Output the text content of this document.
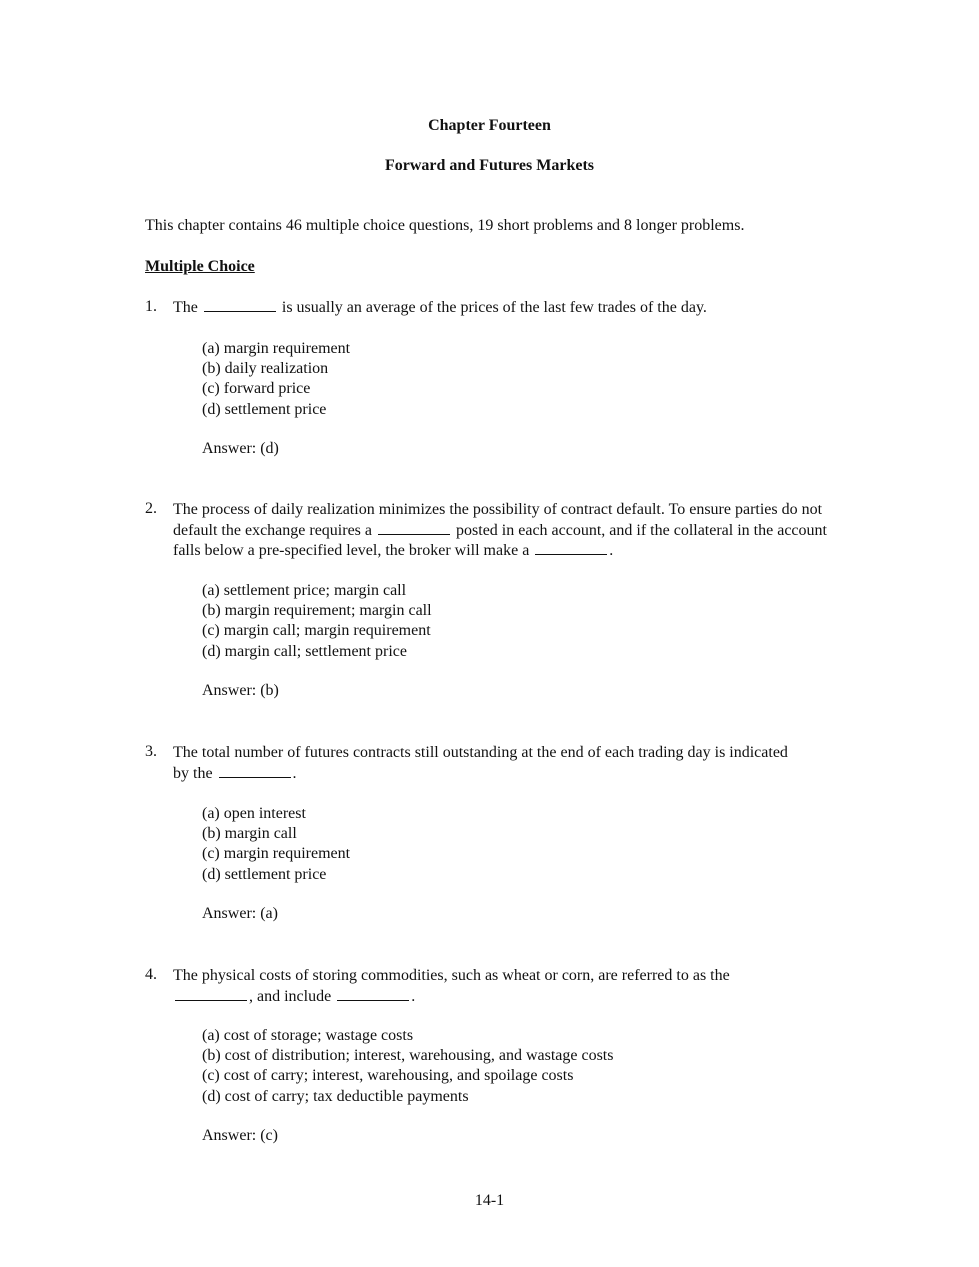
Chapter Fourteen
Forward and Futures Markets
This chapter contains 46 multiple choice questions, 19 short problems and 8 longer problems.
Multiple Choice
1. The	is usually an average of the prices of the last few trades of the day.
(a) margin requirement
(b) daily realization
(c) forward price
(d) settlement price
Answer: (d)
2. The process of daily realization minimizes the possibility of contract default. To ensure parties do not default the exchange requires a	posted in each account, and if the collateral in the account falls below a pre-specified level, the broker will make a	.
(a) settlement price; margin call
(b) margin requirement; margin call
(c) margin call; margin requirement
(d) margin call; settlement price
Answer: (b)
3. The total number of futures contracts still outstanding at the end of each trading day is indicated by the	.
(a) open interest
(b) margin call
(c) margin requirement
(d) settlement price
Answer: (a)
4. The physical costs of storing commodities, such as wheat or corn, are referred to as the , and include	.
(a) cost of storage; wastage costs
(b) cost of distribution; interest, warehousing, and wastage costs
(c) cost of carry; interest, warehousing, and spoilage costs
(d) cost of carry; tax deductible payments
Answer: (c)
14-1
